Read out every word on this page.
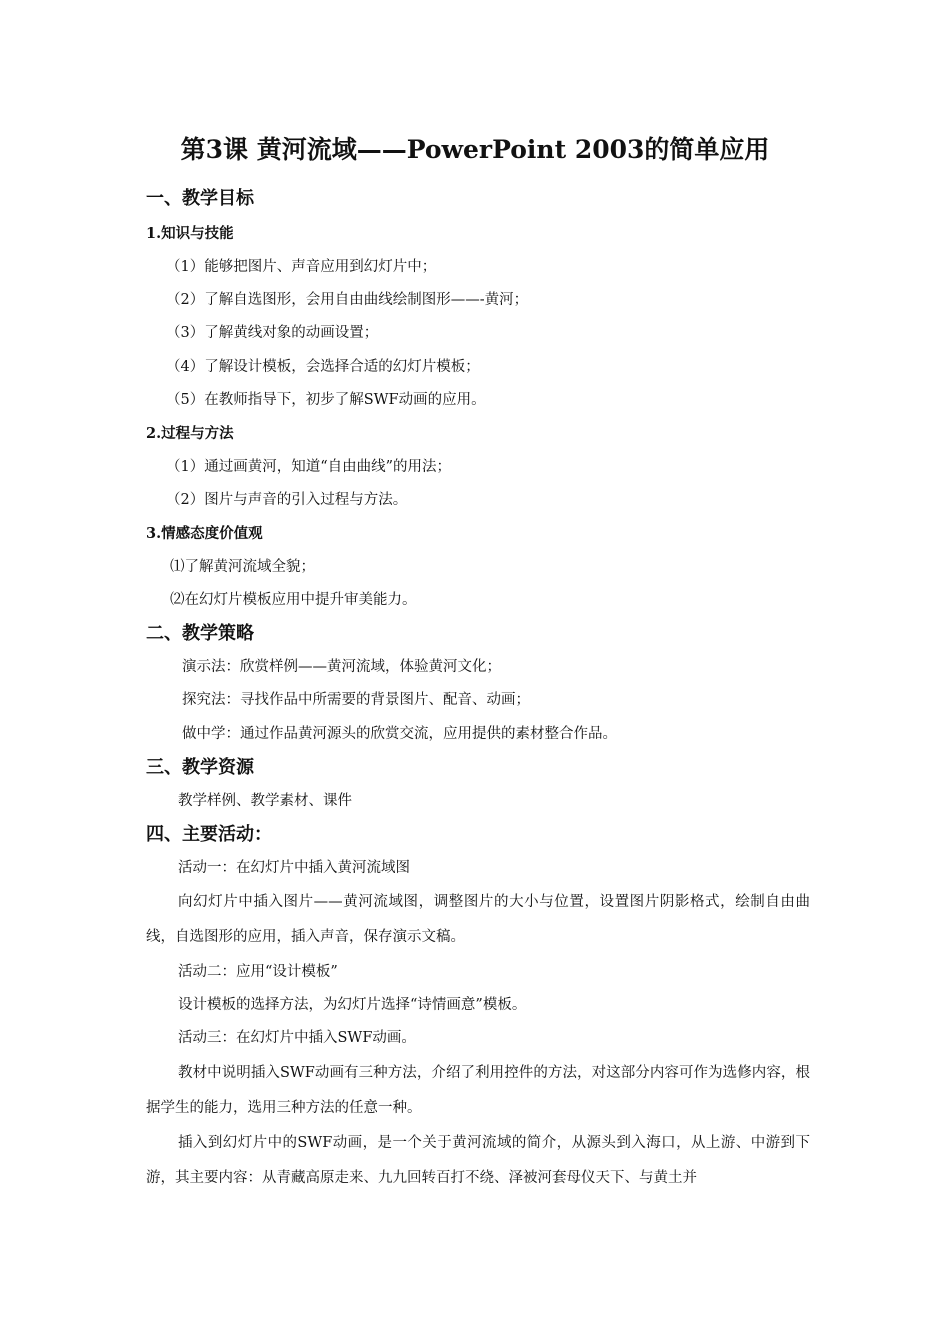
第3课 黄河流域——PowerPoint 2003的简单应用
一、教学目标
1.知识与技能
（1）能够把图片、声音应用到幻灯片中；
（2）了解自选图形，会用自由曲线绘制图形——-黄河；
（3）了解黄线对象的动画设置；
（4）了解设计模板，会选择合适的幻灯片模板；
（5）在教师指导下，初步了解SWF动画的应用。
2.过程与方法
（1）通过画黄河，知道“自由曲线”的用法；
（2）图片与声音的引入过程与方法。
3.情感态度价值观
⑴了解黄河流域全貌；
⑵在幻灯片模板应用中提升审美能力。
二、教学策略
演示法：欣赏样例——黄河流域，体验黄河文化；
探究法：寻找作品中所需要的背景图片、配音、动画；
做中学：通过作品黄河源头的欣赏交流，应用提供的素材整合作品。
三、教学资源
教学样例、教学素材、课件
四、主要活动：
活动一：在幻灯片中插入黄河流域图
向幻灯片中插入图片——黄河流域图，调整图片的大小与位置，设置图片阴影格式，绘制自由曲线，自选图形的应用，插入声音，保存演示文稿。
活动二：应用“设计模板”
设计模板的选择方法，为幻灯片选择“诗情画意”模板。
活动三：在幻灯片中插入SWF动画。
教材中说明插入SWF动画有三种方法，介绍了利用控件的方法，对这部分内容可作为选修内容，根据学生的能力，选用三种方法的任意一种。
插入到幻灯片中的SWF动画，是一个关于黄河流域的简介，从源头到入海口，从上游、中游到下游，其主要内容：从青藏高原走来、九九回转百打不绕、泽被河套母仪天下、与黄土并
